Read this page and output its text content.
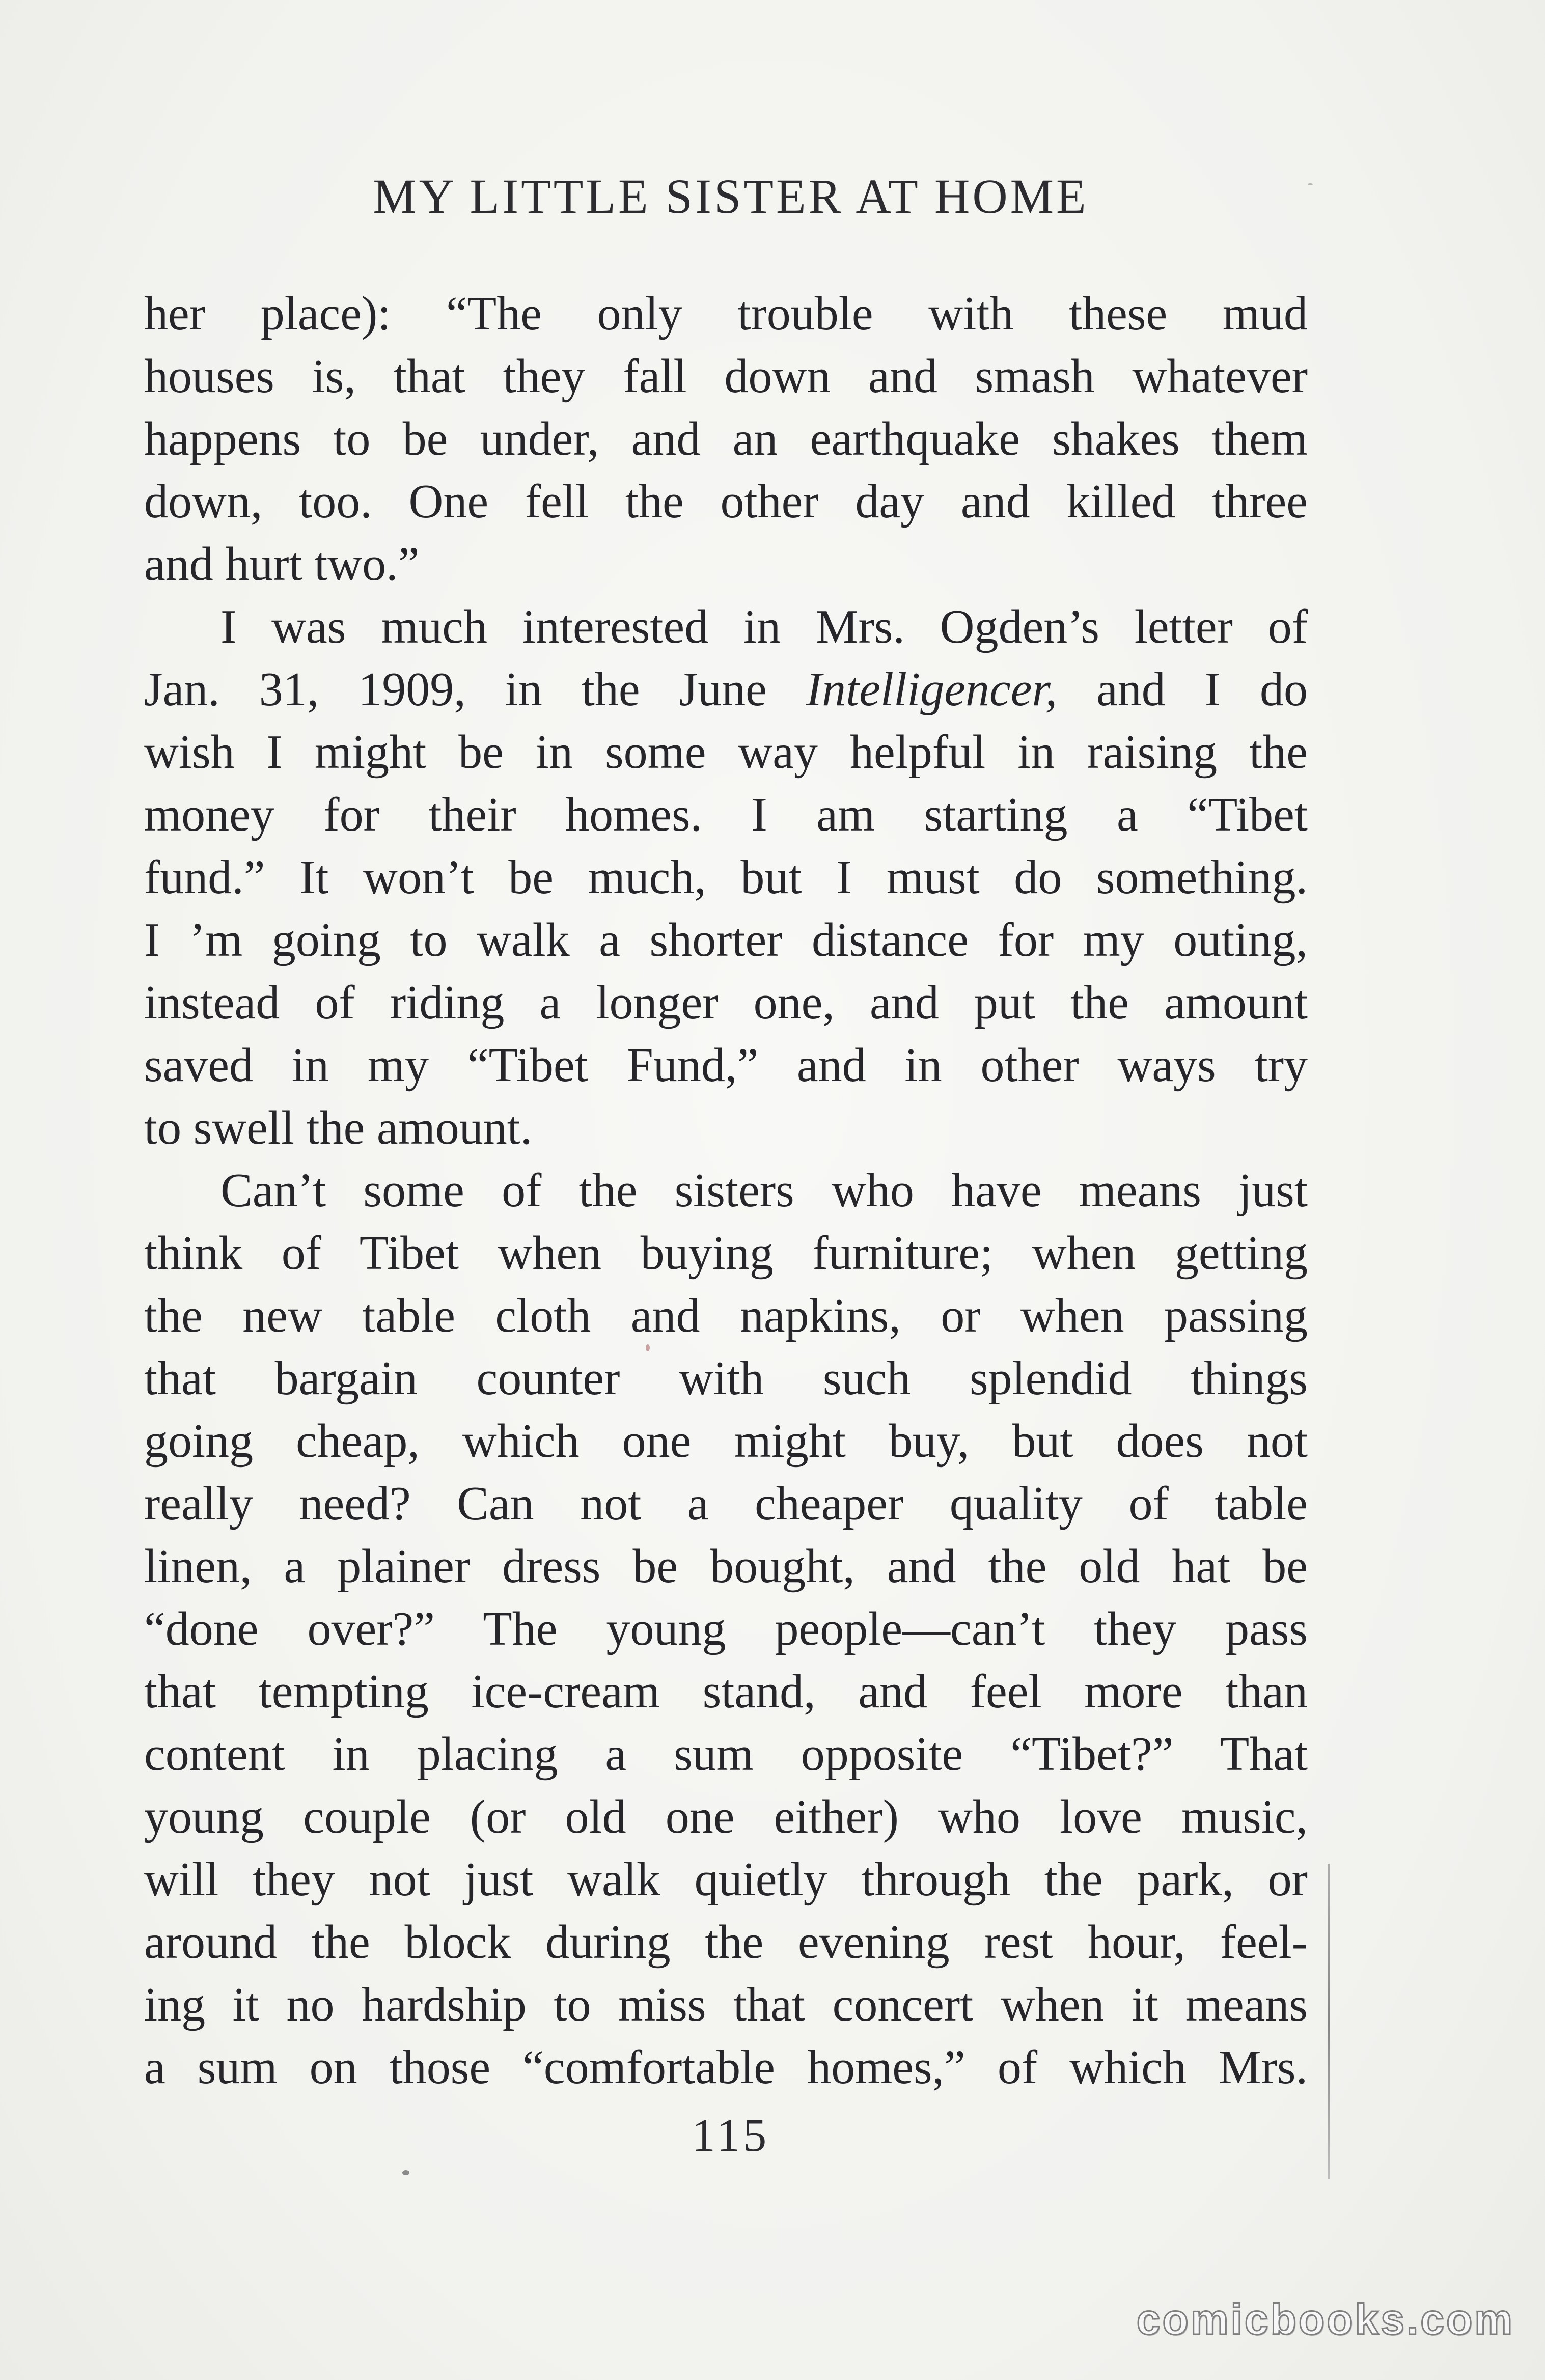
MY LITTLE SISTER AT HOME
her place): “The only trouble with these mud
houses is, that they fall down and smash whatever
happens to be under, and an earthquake shakes them
down, too. One fell the other day and killed three
and hurt two.”
I was much interested in Mrs. Ogden’s letter of
Jan. 31, 1909, in the June Intelligencer, and I do
wish I might be in some way helpful in raising the
money for their homes. I am starting a “Tibet
fund.” It won’t be much, but I must do something.
I ’m going to walk a shorter distance for my outing,
instead of riding a longer one, and put the amount
saved in my “Tibet Fund,” and in other ways try
to swell the amount.
Can’t some of the sisters who have means just
think of Tibet when buying furniture; when getting
the new table cloth and napkins, or when passing
that bargain counter with such splendid things
going cheap, which one might buy, but does not
really need? Can not a cheaper quality of table
linen, a plainer dress be bought, and the old hat be
“done over?” The young people—can’t they pass
that tempting ice-cream stand, and feel more than
content in placing a sum opposite “Tibet?” That
young couple (or old one either) who love music,
will they not just walk quietly through the park, or
around the block during the evening rest hour, feel-
ing it no hardship to miss that concert when it means
a sum on those “comfortable homes,” of which Mrs.
115
comicbooks.com
